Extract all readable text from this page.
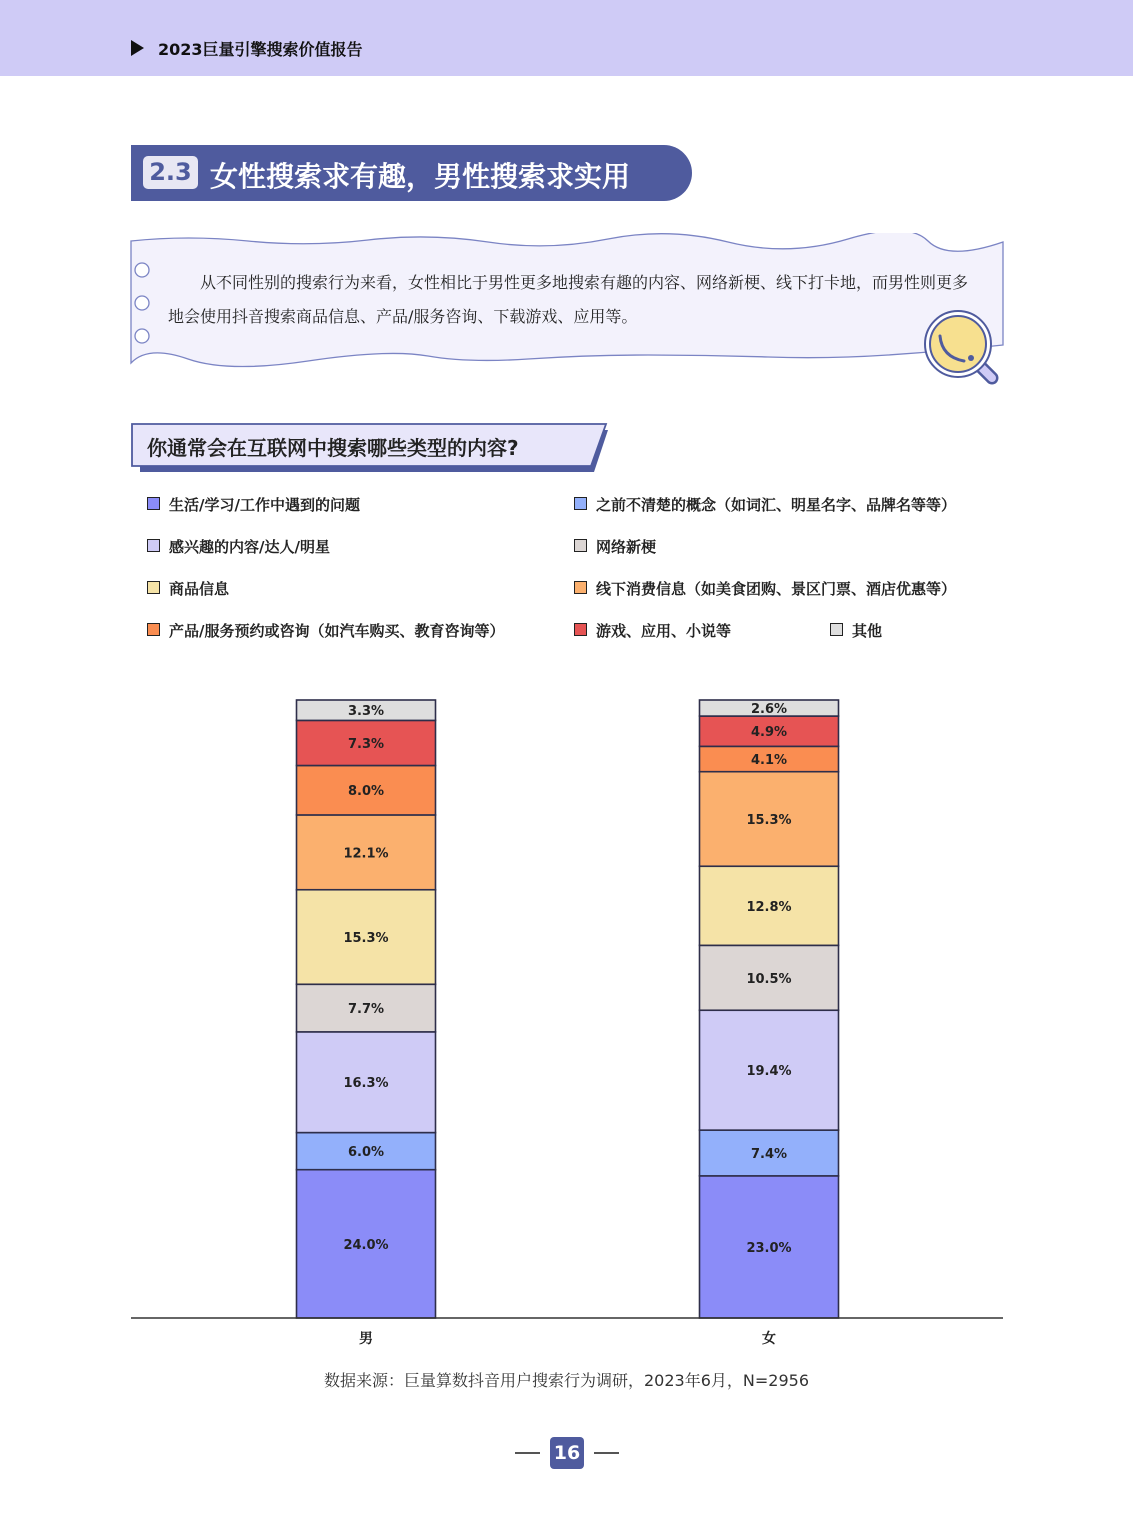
2023巨量引擎搜索价值报告
2.3 女性搜索求有趣，男性搜索求实用
从不同性别的搜索行为来看，女性相比于男性更多地搜索有趣的内容、网络新梗、线下打卡地，而男性则更多地会使用抖音搜索商品信息、产品/服务咨询、下载游戏、应用等。
你通常会在互联网中搜索哪些类型的内容?
生活/学习/工作中遇到的问题	之前不清楚的概念（如词汇、明星名字、品牌名等等）
感兴趣的内容/达人/明星	网络新梗
商品信息	线下消费信息（如美食团购、景区门票、酒店优惠等）
产品/服务预约或咨询（如汽车购买、教育咨询等）	游戏、应用、小说等	其他
24.0%
6.0%
16.3%
7.7%
15.3%
12.1%
8.0%
7.3%
3.3%
男
23.0%
7.4%
19.4%
10.5%
12.8%
15.3%
4.1%
4.9%
2.6%
女
数据来源：巨量算数抖音用户搜索行为调研，2023年6月，N=2956
16
